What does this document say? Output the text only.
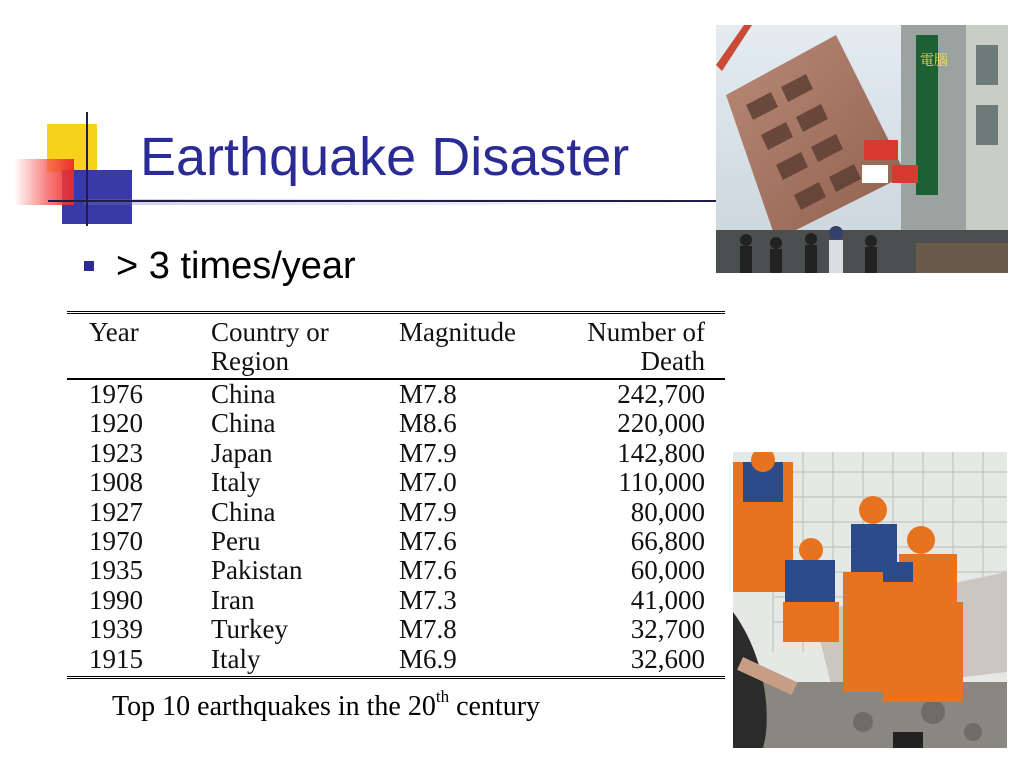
Earthquake Disaster
> 3 times/year
Year	Country or	Magnitude	Number of
	Region		Death
1976	China	M7.8	242,700
1920	China	M8.6	220,000
1923	Japan	M7.9	142,800
1908	Italy	M7.0	110,000
1927	China	M7.9	80,000
1970	Peru	M7.6	66,800
1935	Pakistan	M7.6	60,000
1990	Iran	M7.3	41,000
1939	Turkey	M7.8	32,700
1915	Italy	M6.9	32,600
Top 10 earthquakes in the 20th century
電腦
